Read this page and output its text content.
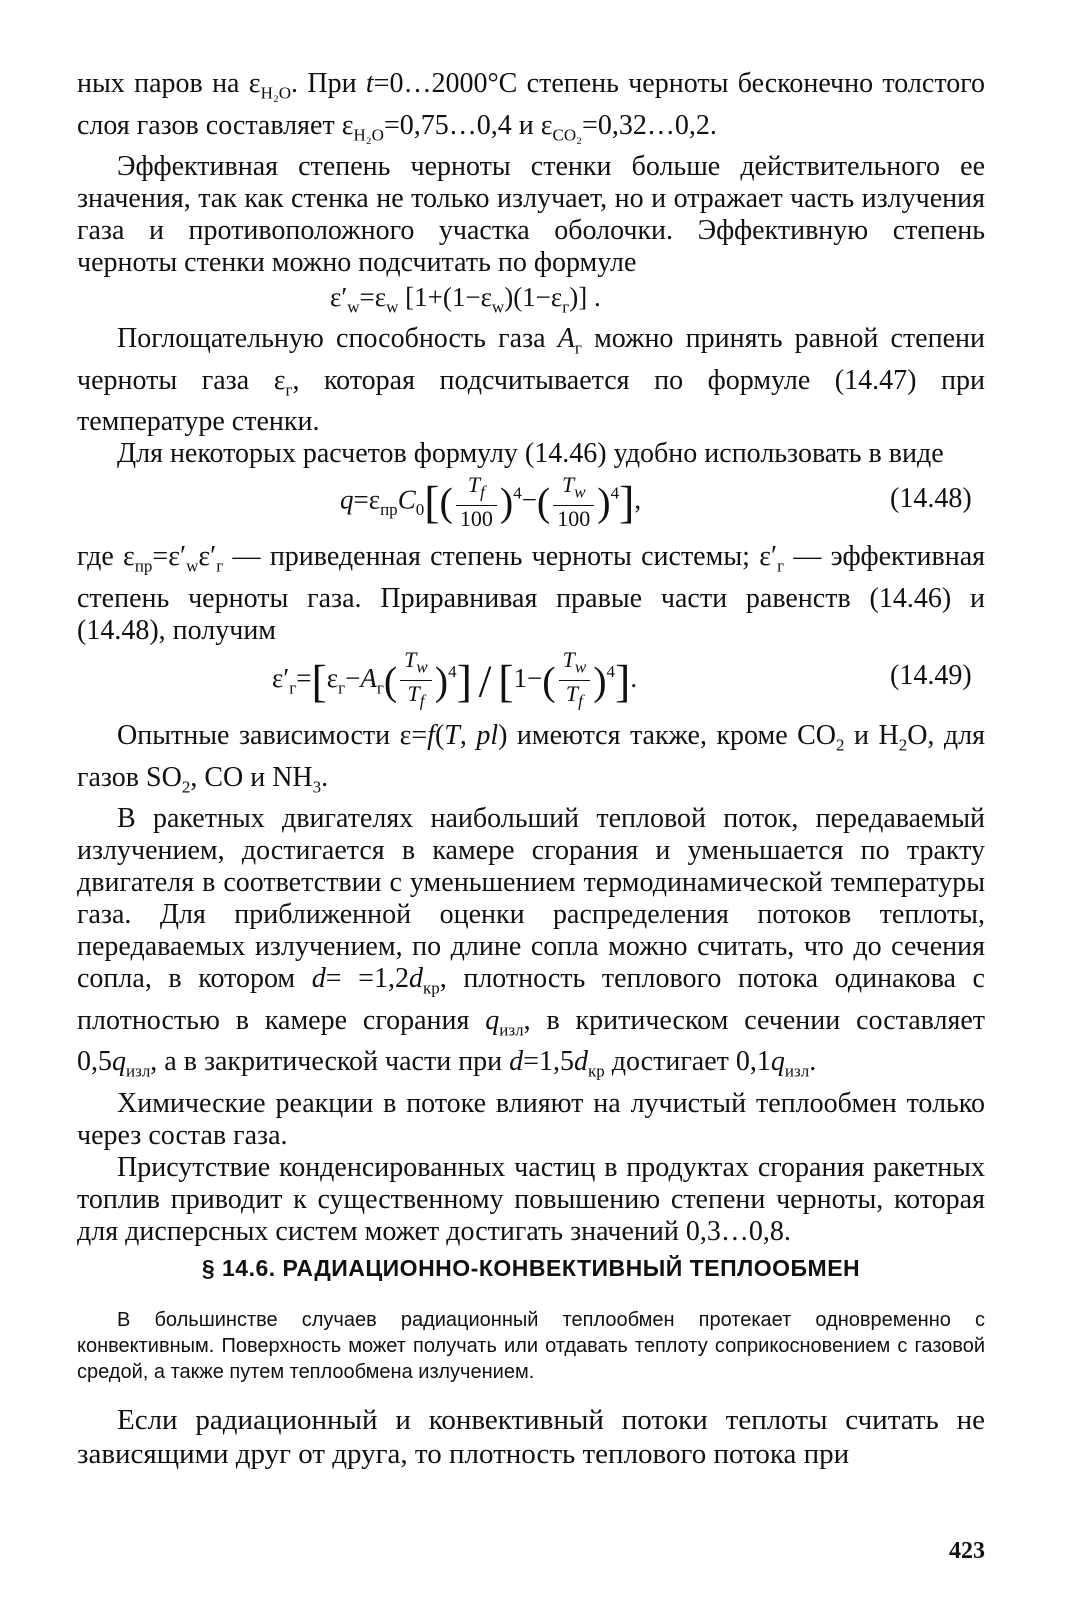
ных паров на $\varepsilon_{H_2O}$. При t=0…2000°C степень черноты бесконечно толстого слоя газов составляет $\varepsilon_{H_2O}=0,75\dots 0,4$ и $\varepsilon_{CO_2}=0,32\dots 0,2$.

Эффективная степень черноты стенки больше действительного ее значения, так как стенка не только излучает, но и отражает часть излучения газа и противоположного участка оболочки. Эффективную степень черноты стенки можно подсчитать по формуле

$\varepsilon'_w=\varepsilon_w$ $[1+(1-\varepsilon_w)(1-\varepsilon_г)]$ .

Поглощательную способность газа $A_г$ можно принять равной степени черноты газа $\varepsilon_г$, которая подсчитывается по формуле (14.47) при температуре стенки.

Для некоторых расчетов формулу (14.46) удобно использовать в виде

$q=\varepsilon_{пр}C_0[( \frac{T_f}{100} )^4-( \frac{T_w}{100} )^4]$,	(14.48)

где $\varepsilon_{пр}=\varepsilon'_w\varepsilon'_г$ — приведенная степень черноты системы; $\varepsilon'_г$ — эффективная степень черноты газа. Приравнивая правые части равенств (14.46) и (14.48), получим

$\varepsilon'_г=[\varepsilon_г-A_г( \frac{T_w}{T_f} )^4] / [1-( \frac{T_w}{T_f} )^4]$.	(14.49)

Опытные зависимости ε=f(T, pl) имеются также, кроме $CO_2$ и $H_2O$, для газов $SO_2$, CO и $NH_3$.

В ракетных двигателях наибольший тепловой поток, передаваемый излучением, достигается в камере сгорания и уменьшается по тракту двигателя в соответствии с уменьшением термодинамической температуры газа. Для приближенной оценки распределения потоков теплоты, передаваемых излучением, по длине сопла можно считать, что до сечения сопла, в котором $d= =1,2d_{кр}$, плотность теплового потока одинакова с плотностью в камере сгорания $q_{изл}$, в критическом сечении составляет $0,5q_{изл}$, а в закритической части при $d=1,5d_{кр}$ достигает $0,1q_{изл}$.

Химические реакции в потоке влияют на лучистый теплообмен только через состав газа.

Присутствие конденсированных частиц в продуктах сгорания ракетных топлив приводит к существенному повышению степени черноты, которая для дисперсных систем может достигать значений 0,3…0,8.

§ 14.6. РАДИАЦИОННО-КОНВЕКТИВНЫЙ ТЕПЛООБМЕН

В большинстве случаев радиационный теплообмен протекает одновременно с конвективным. Поверхность может получать или отдавать теплоту соприкосновением с газовой средой, а также путем теплообмена излучением.

Если радиационный и конвективный потоки теплоты считать не зависящими друг от друга, то плотность теплового потока при

423
